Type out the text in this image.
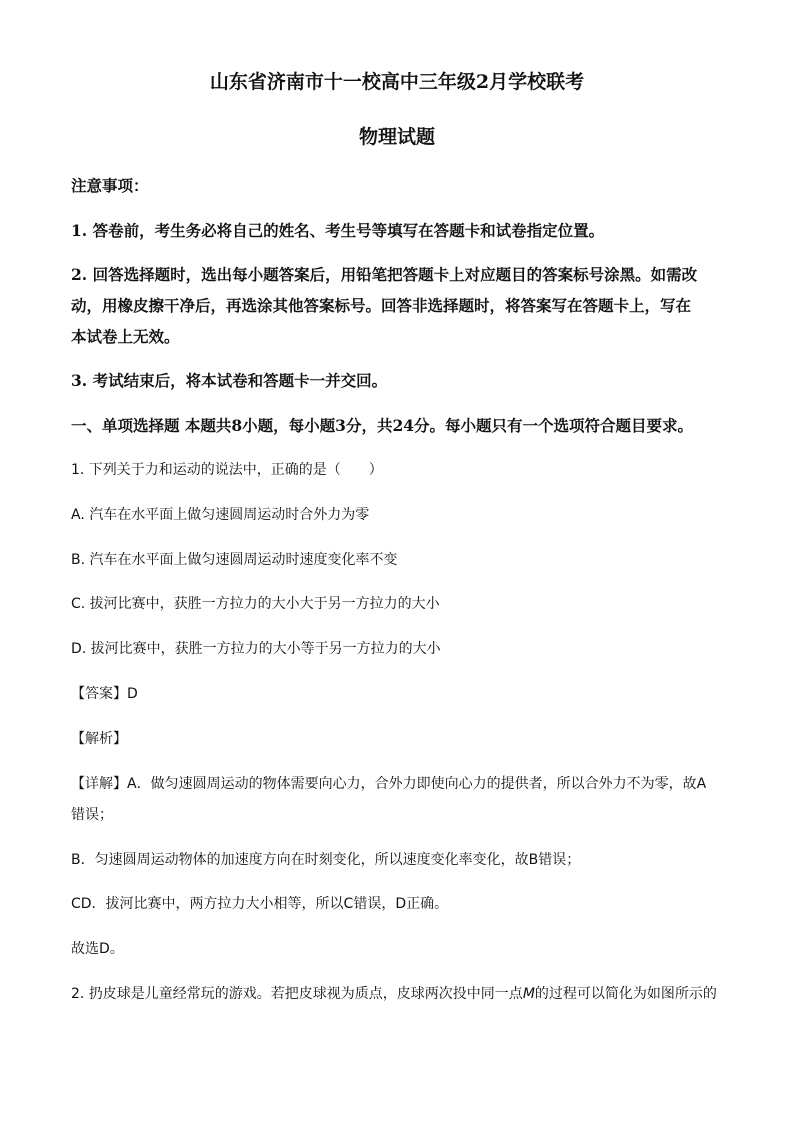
山东省济南市十一校高中三年级2月学校联考
物理试题
注意事项：
1. 答卷前，考生务必将自己的姓名、考生号等填写在答题卡和试卷指定位置。
2. 回答选择题时，选出每小题答案后，用铅笔把答题卡上对应题目的答案标号涂黑。如需改
动，用橡皮擦干净后，再选涂其他答案标号。回答非选择题时，将答案写在答题卡上，写在
本试卷上无效。
3. 考试结束后，将本试卷和答题卡一并交回。
一、单项选择题 本题共8小题，每小题3分，共24分。每小题只有一个选项符合题目要求。
1. 下列关于力和运动的说法中，正确的是（　　）
A. 汽车在水平面上做匀速圆周运动时合外力为零
B. 汽车在水平面上做匀速圆周运动时速度变化率不变
C. 拔河比赛中，获胜一方拉力的大小大于另一方拉力的大小
D. 拔河比赛中，获胜一方拉力的大小等于另一方拉力的大小
【答案】D
【解析】
【详解】A．做匀速圆周运动的物体需要向心力，合外力即使向心力的提供者，所以合外力不为零，故A
错误；
B．匀速圆周运动物体的加速度方向在时刻变化，所以速度变化率变化，故B错误；
CD．拔河比赛中，两方拉力大小相等，所以C错误，D正确。
故选D。
2. 扔皮球是儿童经常玩的游戏。若把皮球视为质点，皮球两次投中同一点M的过程可以简化为如图所示的
